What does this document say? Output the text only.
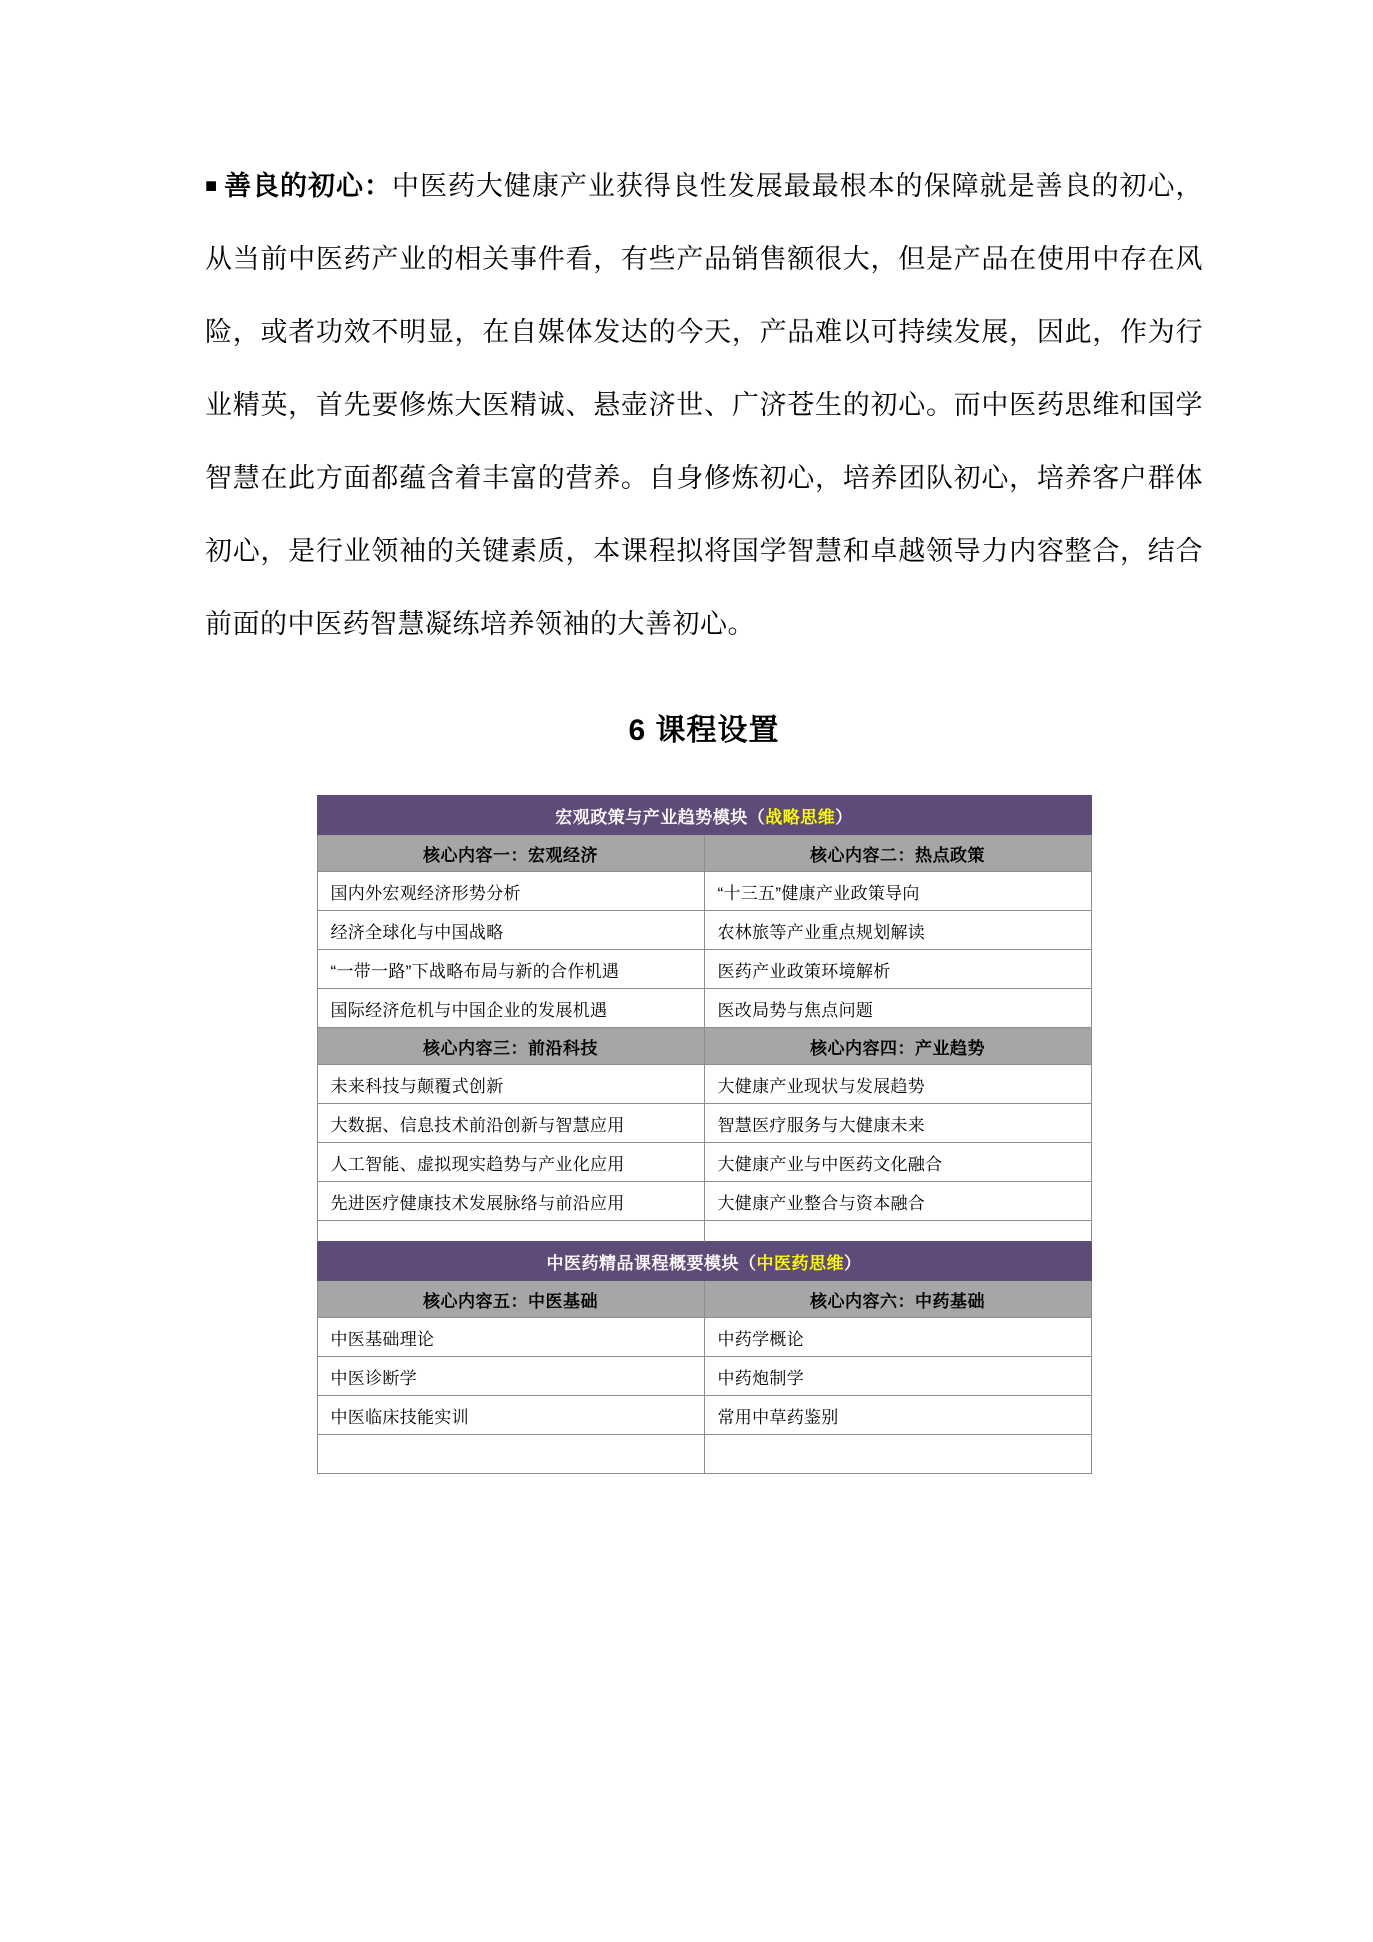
■ 善良的初心：中医药大健康产业获得良性发展最最根本的保障就是善良的初心，从当前中医药产业的相关事件看，有些产品销售额很大，但是产品在使用中存在风险，或者功效不明显，在自媒体发达的今天，产品难以可持续发展，因此，作为行业精英，首先要修炼大医精诚、悬壶济世、广济苍生的初心。而中医药思维和国学智慧在此方面都蕴含着丰富的营养。自身修炼初心，培养团队初心，培养客户群体初心，是行业领袖的关键素质，本课程拟将国学智慧和卓越领导力内容整合，结合前面的中医药智慧凝练培养领袖的大善初心。

6 课程设置
宏观政策与产业趋势模块（战略思维）	
核心内容一：宏观经济	核心内容二：热点政策
国内外宏观经济形势分析	“十三五”健康产业政策导向
经济全球化与中国战略	农林旅等产业重点规划解读
“一带一路”下战略布局与新的合作机遇	医药产业政策环境解析
国际经济危机与中国企业的发展机遇	医改局势与焦点问题
核心内容三：前沿科技	核心内容四：产业趋势
未来科技与颠覆式创新	大健康产业现状与发展趋势
大数据、信息技术前沿创新与智慧应用	智慧医疗服务与大健康未来
人工智能、虚拟现实趋势与产业化应用	大健康产业与中医药文化融合
先进医疗健康技术发展脉络与前沿应用	大健康产业整合与资本融合

中医药精品课程概要模块（中医药思维）	
核心内容五：中医基础	核心内容六：中药基础
中医基础理论	中药学概论
中医诊断学	中药炮制学
中医临床技能实训	常用中草药鉴别
